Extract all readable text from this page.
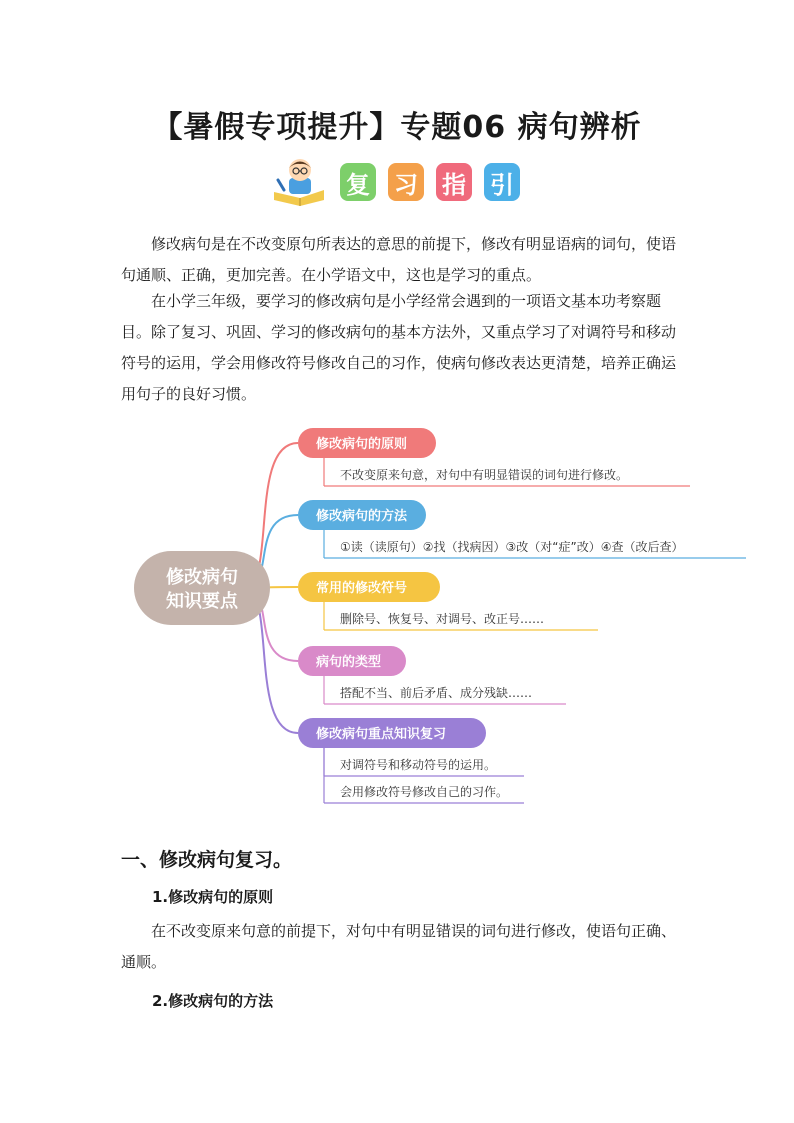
【暑假专项提升】专题06 病句辨析
复 习 指 引

修改病句是在不改变原句所表达的意思的前提下，修改有明显语病的词句，使语句通顺、正确，更加完善。在小学语文中，这也是学习的重点。

在小学三年级，要学习的修改病句是小学经常会遇到的一项语文基本功考察题目。除了复习、巩固、学习的修改病句的基本方法外，又重点学习了对调符号和移动符号的运用，学会用修改符号修改自己的习作，使病句修改表达更清楚，培养正确运用句子的良好习惯。

修改病句
知识要点
修改病句的原则
不改变原来句意，对句中有明显错误的词句进行修改。
修改病句的方法
①读（读原句）②找（找病因）③改（对“症”改）④查（改后查）
常用的修改符号
删除号、恢复号、对调号、改正号……
病句的类型
搭配不当、前后矛盾、成分残缺……
修改病句重点知识复习
对调符号和移动符号的运用。
会用修改符号修改自己的习作。
一、修改病句复习。
1.修改病句的原则

在不改变原来句意的前提下，对句中有明显错误的词句进行修改，使语句正确、通顺。

2.修改病句的方法
